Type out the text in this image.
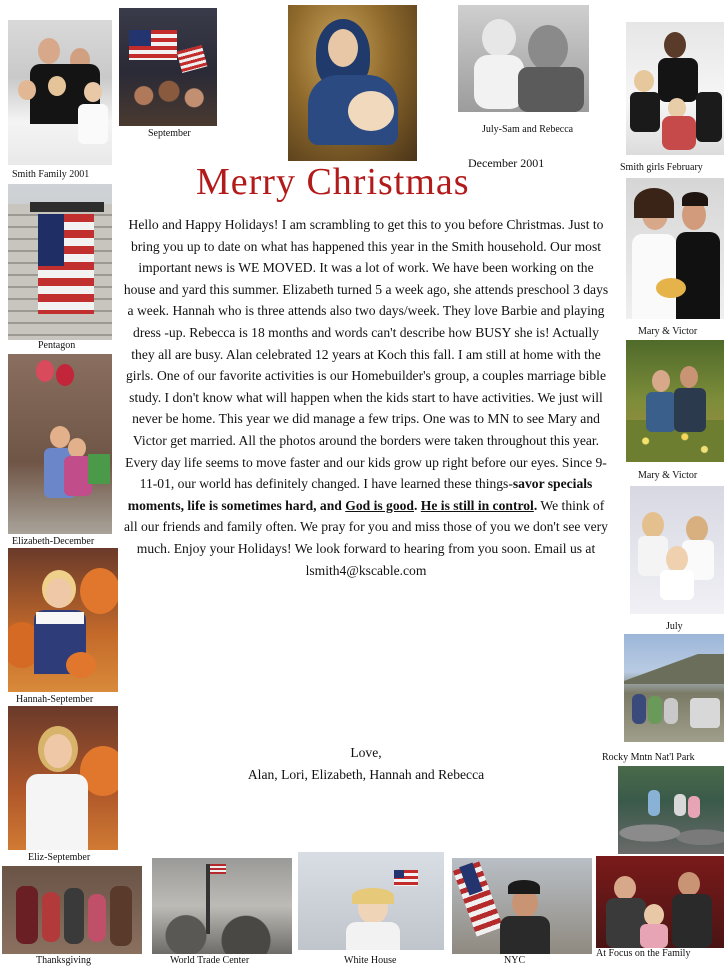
Smith Family 2001
September	July-Sam and Rebecca
Smith girls February
Pentagon
Mary & Victor
Elizabeth-December
Mary & Victor
Hannah-September
July
Eliz-September
Rocky Mntn Nat'l Park
Thanksgiving	World Trade Center	White House	NYC
At Focus on the Family
December 2001
Merry Christmas

Hello and Happy Holidays! I am scrambling to get this to you before Christmas. Just to bring you up to date on what has happened this year in the Smith household. Our most important news is WE MOVED. It was a lot of work. We have been working on the house and yard this summer. Elizabeth turned 5 a week ago, she attends preschool 3 days a week. Hannah who is three attends also two days/week. They love Barbie and playing dress -up. Rebecca is 18 months and words can't describe how BUSY she is! Actually they all are busy. Alan celebrated 12 years at Koch this fall. I am still at home with the girls. One of our favorite activities is our Homebuilder's group, a couples marriage bible study. I don't know what will happen when the kids start to have activities. We just will never be home. This year we did manage a few trips. One was to MN to see Mary and Victor get married. All the photos around the borders were taken throughout this year. Every day life seems to move faster and our kids grow up right before our eyes. Since 9-11-01, our world has definitely changed. I have learned these things-savor specials moments, life is sometimes hard, and God is good. He is still in control. We think of all our friends and family often. We pray for you and miss those of you we don't see very much. Enjoy your Holidays! We look forward to hearing from you soon. Email us at lsmith4@kscable.com

Love,
Alan, Lori, Elizabeth, Hannah and Rebecca
